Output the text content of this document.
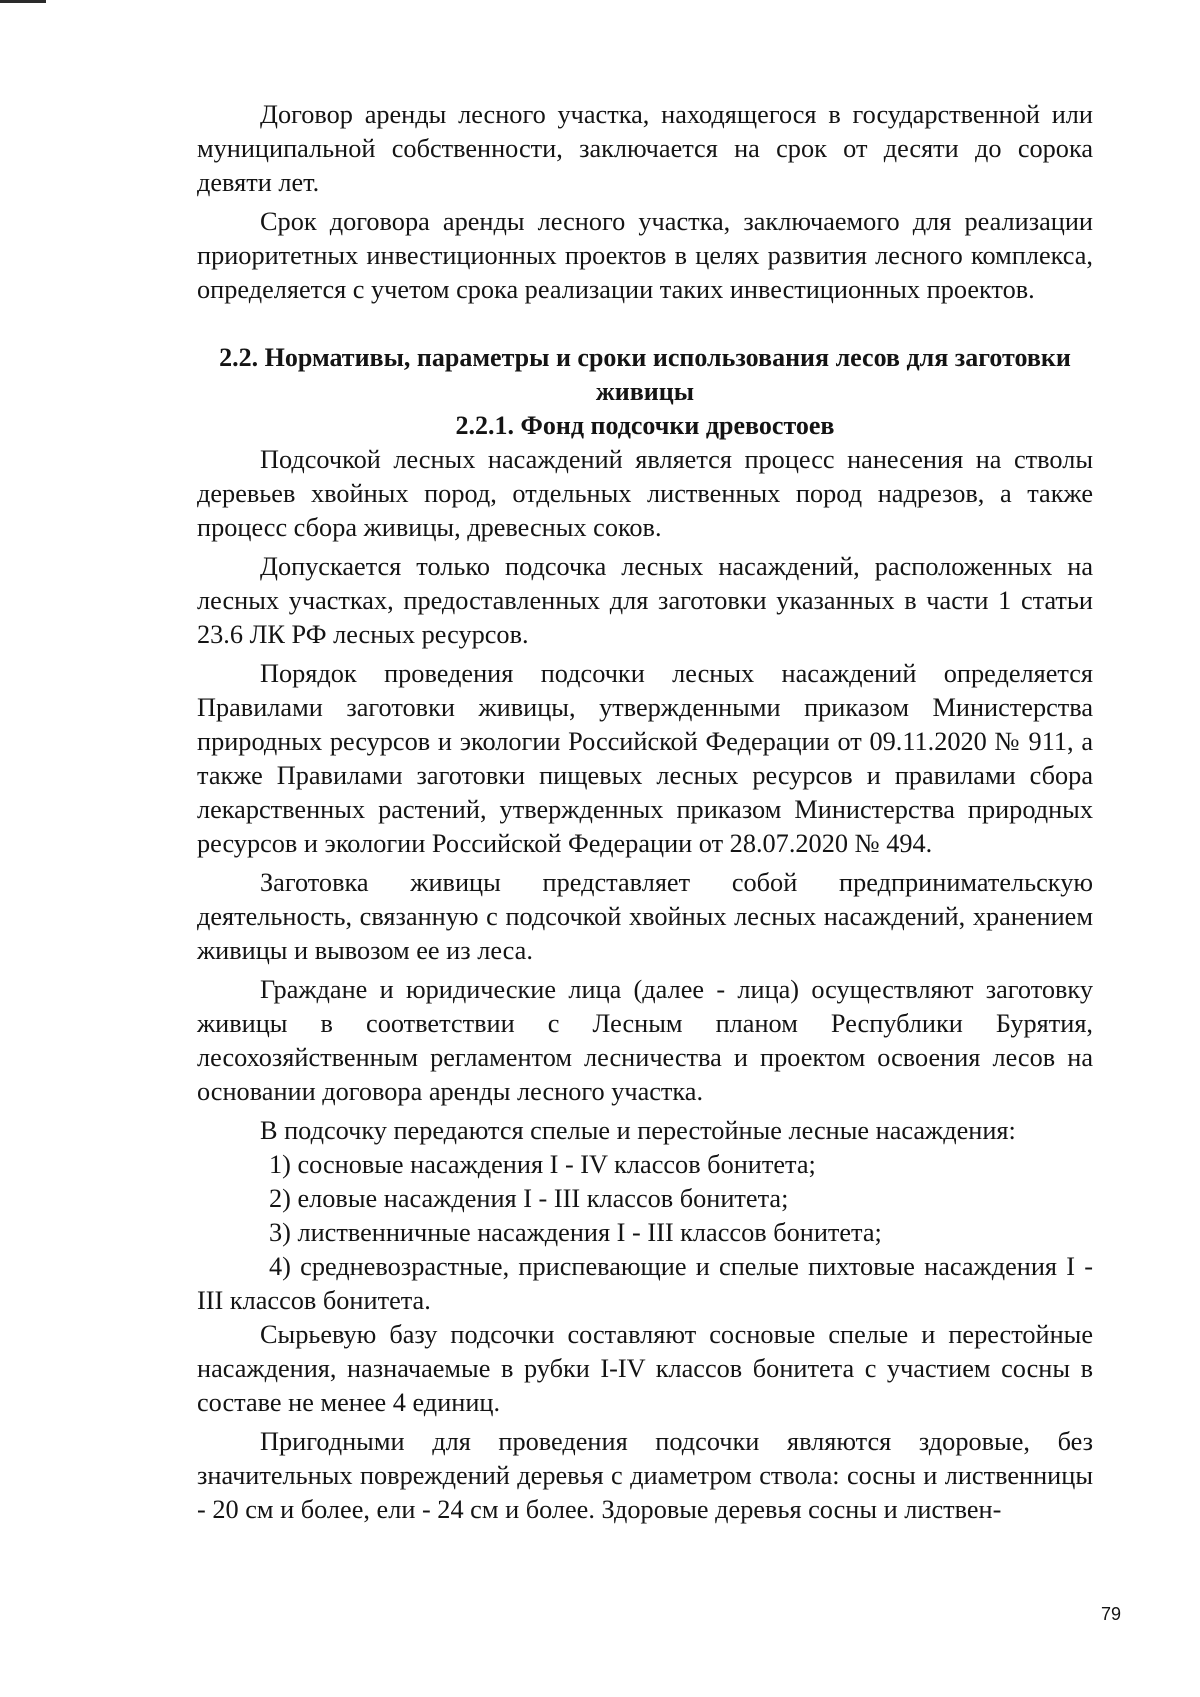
Договор аренды лесного участка, находящегося в государственной или муниципальной собственности, заключается на срок от десяти до сорока девяти лет.

Срок договора аренды лесного участка, заключаемого для реализации приоритетных инвестиционных проектов в целях развития лесного комплекса, определяется с учетом срока реализации таких инвестиционных проектов.

2.2. Нормативы, параметры и сроки использования лесов для заготовки живицы
2.2.1. Фонд подсочки древостоев

Подсочкой лесных насаждений является процесс нанесения на стволы деревьев хвойных пород, отдельных лиственных пород надрезов, а также процесс сбора живицы, древесных соков.

Допускается только подсочка лесных насаждений, расположенных на лесных участках, предоставленных для заготовки указанных в части 1 статьи 23.6 ЛК РФ лесных ресурсов.

Порядок проведения подсочки лесных насаждений определяется Правилами заготовки живицы, утвержденными приказом Министерства природных ресурсов и экологии Российской Федерации от 09.11.2020 № 911, а также Правилами заготовки пищевых лесных ресурсов и правилами сбора лекарственных растений, утвержденных приказом Министерства природных ресурсов и экологии Российской Федерации от 28.07.2020 № 494.

Заготовка живицы представляет собой предпринимательскую деятельность, связанную с подсочкой хвойных лесных насаждений, хранением живицы и вывозом ее из леса.

Граждане и юридические лица (далее - лица) осуществляют заготовку живицы в соответствии с Лесным планом Республики Бурятия, лесохозяйственным регламентом лесничества и проектом освоения лесов на основании договора аренды лесного участка.

В подсочку передаются спелые и перестойные лесные насаждения:

1) сосновые насаждения I - IV классов бонитета;
2) еловые насаждения I - III классов бонитета;
3) лиственничные насаждения I - III классов бонитета;
4) средневозрастные, приспевающие и спелые пихтовые насаждения I - III классов бонитета.

Сырьевую базу подсочки составляют сосновые спелые и перестойные насаждения, назначаемые в рубки I-IV классов бонитета с участием сосны в составе не менее 4 единиц.

Пригодными для проведения подсочки являются здоровые, без значительных повреждений деревья с диаметром ствола: сосны и лиственницы - 20 см и более, ели - 24 см и более. Здоровые деревья сосны и листвен-

79
